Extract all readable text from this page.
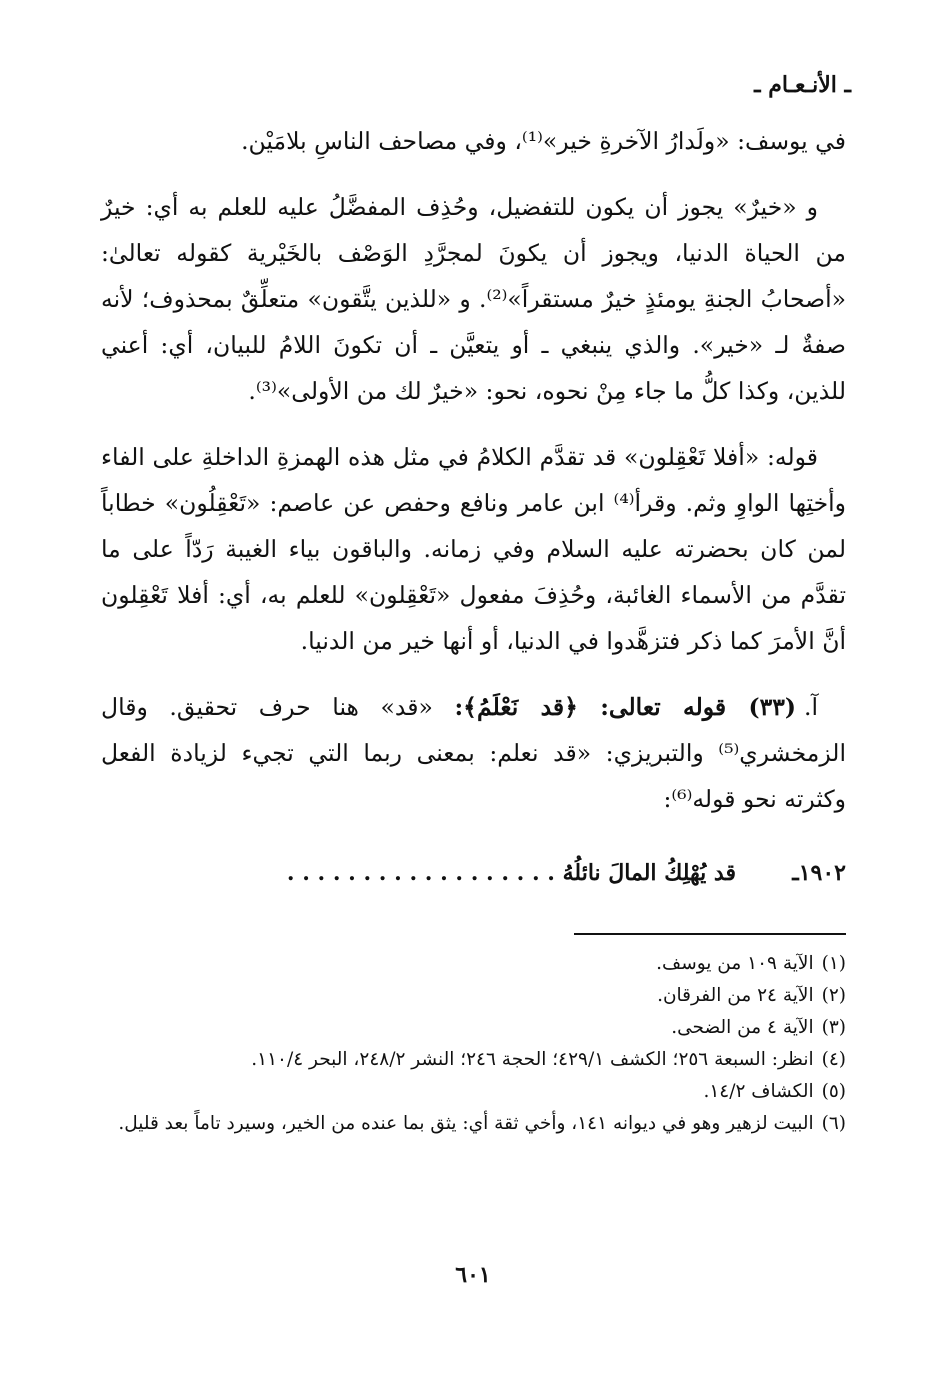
ـ الأنـعـام ـ

في يوسف: «ولَدارُ الآخرةِ خير»⁽¹⁾، وفي مصاحف الناسِ بلامَيْن.

و «خيرٌ» يجوز أن يكون للتفضيل، وحُذِف المفضَّلُ عليه للعلم به أي: خيرٌ من الحياة الدنيا، ويجوز أن يكونَ لمجرَّدِ الوَصْف بالخَيْرية كقوله تعالىٰ: «أصحابُ الجنةِ يومئذٍ خيرٌ مستقراً»⁽²⁾. و «للذين يتَّقون» متعلِّقٌ بمحذوف؛ لأنه صفةٌ لـ «خير». والذي ينبغي ـ أو يتعيَّن ـ أن تكونَ اللامُ للبيان، أي: أعني للذين، وكذا كلُّ ما جاء مِنْ نحوه، نحو: «خيرٌ لك من الأولى»⁽³⁾.

قوله: «أفلا تَعْقِلون» قد تقدَّم الكلامُ في مثل هذه الهمزةِ الداخلةِ على الفاء وأختِها الواوِ وثم. وقرأ⁽⁴⁾ ابن عامر ونافع وحفص عن عاصم: «تَعْقِلُون» خطاباً لمن كان بحضرته عليه السلام وفي زمانه. والباقون بياء الغيبة رَدّاً على ما تقدَّم من الأسماء الغائبة، وحُذِفَ مفعول «تَعْقِلون» للعلم به، أي: أفلا تَعْقِلون أنَّ الأمرَ كما ذكر فتزهَّدوا في الدنيا، أو أنها خير من الدنيا.

آ.(٣٣) قوله تعالى: ﴿قد نَعْلَمُ﴾: «قد» هنا حرف تحقيق. وقال الزمخشري⁽⁵⁾ والتبريزي: «قد نعلم: بمعنى ربما التي تجيء لزيادة الفعل وكثرته نحو قوله⁽⁶⁾:

١٩٠٢ـ
قد يُهْلِكُ المالَ نائلُهُ . . . . . . . . . . . . . . . . . .

(١)الآية ١٠٩ من يوسف.

(٢)الآية ٢٤ من الفرقان.

(٣)الآية ٤ من الضحى.

(٤)انظر: السبعة ٢٥٦؛ الكشف ٤٢٩/١؛ الحجة ٢٤٦؛ النشر ٢٤٨/٢، البحر ١١٠/٤.

(٥)الكشاف ١٤/٢.

(٦)البيت لزهير وهو في ديوانه ١٤١، وأخي ثقة أي: يثق بما عنده من الخير، وسيرد تاماً بعد قليل.

٦٠١
